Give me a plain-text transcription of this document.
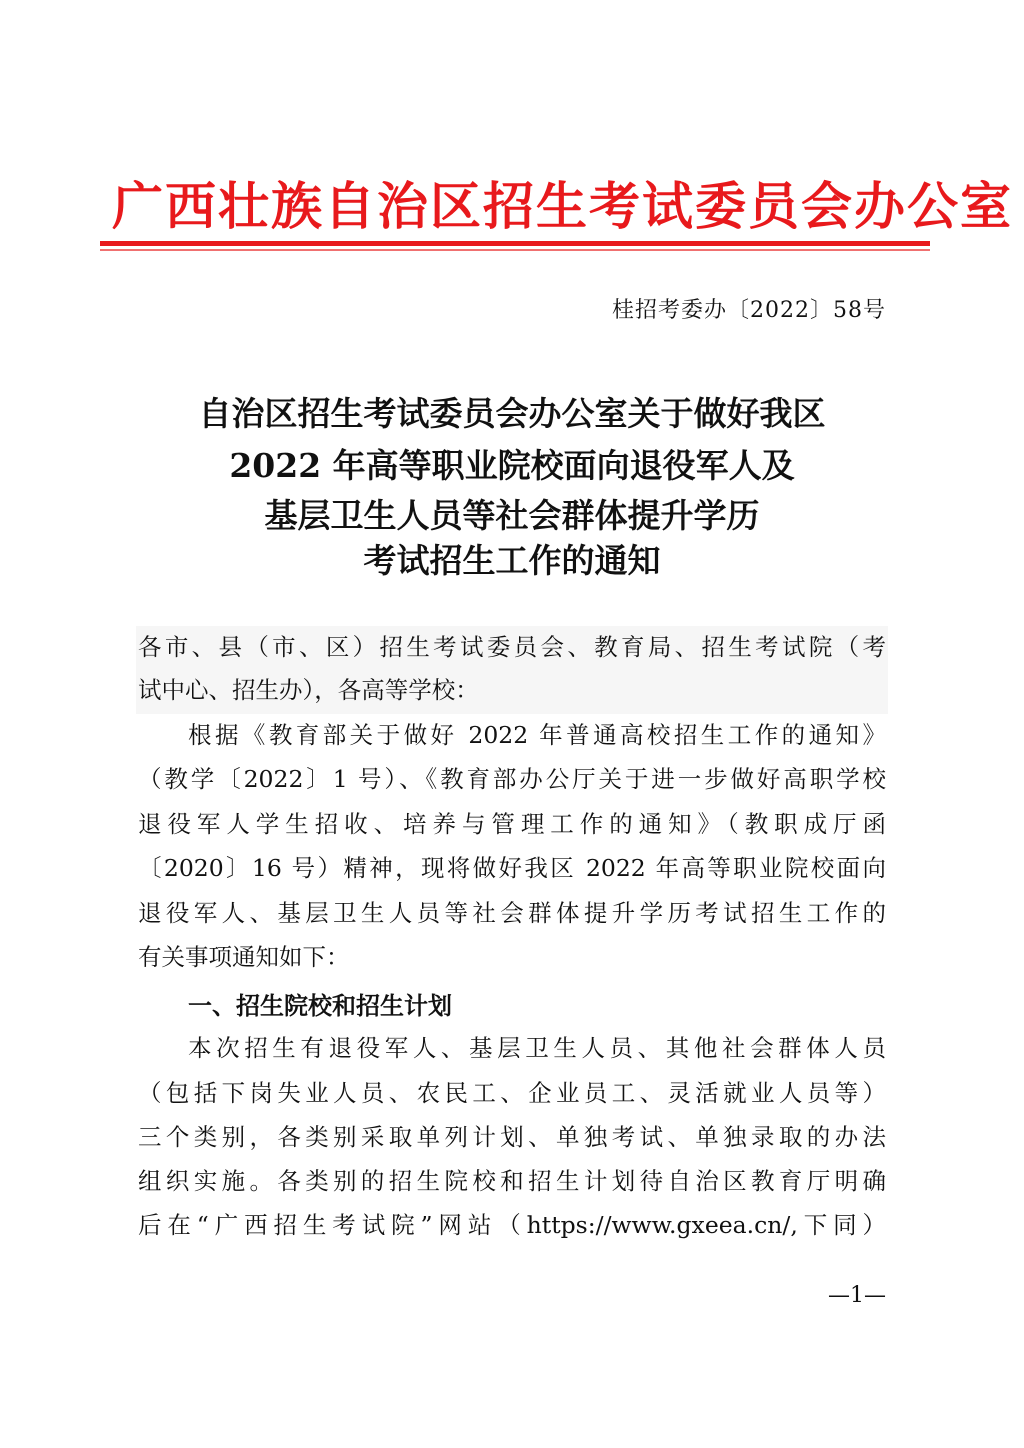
广西壮族自治区招生考试委员会办公室
桂招考委办〔2022〕58号
自治区招生考试委员会办公室关于做好我区
2022 年高等职业院校面向退役军人及
基层卫生人员等社会群体提升学历
考试招生工作的通知
各市、县（市、区）招生考试委员会、教育局、招生考试院（考
试中心、招生办），各高等学校：
根据《教育部关于做好 2022 年普通高校招生工作的通知》
（教学〔2022〕1 号）、《教育部办公厅关于进一步做好高职学校
退役军人学生招收、培养与管理工作的通知》（教职成厅函
〔2020〕16 号）精神，现将做好我区 2022 年高等职业院校面向
退役军人、基层卫生人员等社会群体提升学历考试招生工作的
有关事项通知如下：
一、招生院校和招生计划
本次招生有退役军人、基层卫生人员、其他社会群体人员
（包括下岗失业人员、农民工、企业员工、灵活就业人员等）
三个类别，各类别采取单列计划、单独考试、单独录取的办法
组织实施。各类别的招生院校和招生计划待自治区教育厅明确
后在“广西招生考试院”网站（https://www.gxeea.cn/,下同）
—1—
